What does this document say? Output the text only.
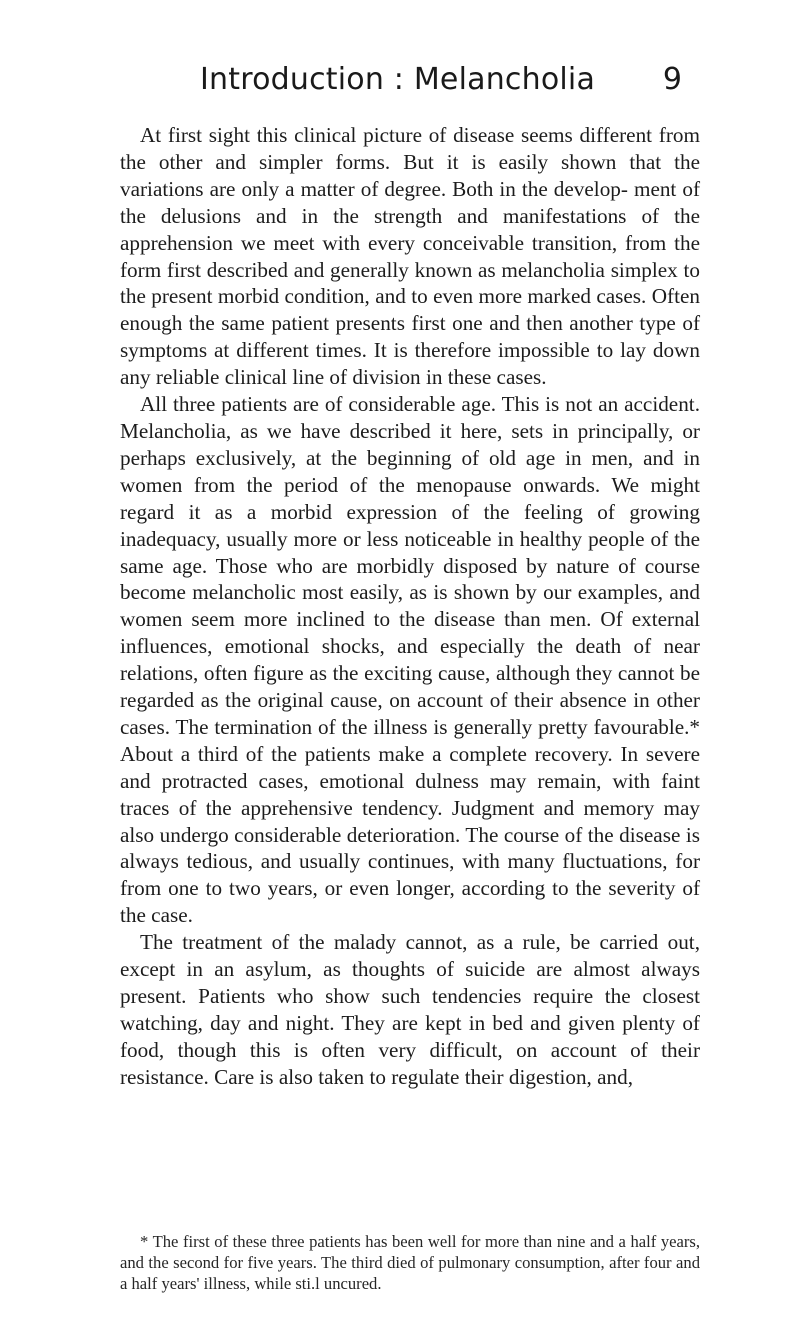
Introduction : Melancholia 9

At first sight this clinical picture of disease seems different from the other and simpler forms. But it is easily shown that the variations are only a matter of degree. Both in the develop- ment of the delusions and in the strength and manifestations of the apprehension we meet with every conceivable transition, from the form first described and generally known as melancholia simplex to the present morbid condition, and to even more marked cases. Often enough the same patient presents first one and then another type of symptoms at different times. It is therefore impossible to lay down any reliable clinical line of division in these cases.

All three patients are of considerable age. This is not an accident. Melancholia, as we have described it here, sets in principally, or perhaps exclusively, at the beginning of old age in men, and in women from the period of the menopause onwards. We might regard it as a morbid expression of the feeling of growing inadequacy, usually more or less noticeable in healthy people of the same age. Those who are morbidly disposed by nature of course become melancholic most easily, as is shown by our examples, and women seem more inclined to the disease than men. Of external influences, emotional shocks, and especially the death of near relations, often figure as the exciting cause, although they cannot be regarded as the original cause, on account of their absence in other cases. The termination of the illness is generally pretty favourable.* About a third of the patients make a complete recovery. In severe and protracted cases, emotional dulness may remain, with faint traces of the apprehensive tendency. Judgment and memory may also undergo considerable deterioration. The course of the disease is always tedious, and usually continues, with many fluctuations, for from one to two years, or even longer, according to the severity of the case.

The treatment of the malady cannot, as a rule, be carried out, except in an asylum, as thoughts of suicide are almost always present. Patients who show such tendencies require the closest watching, day and night. They are kept in bed and given plenty of food, though this is often very difficult, on account of their resistance. Care is also taken to regulate their digestion, and,

* The first of these three patients has been well for more than nine and a half years, and the second for five years. The third died of pulmonary consumption, after four and a half years' illness, while sti.l uncured.
